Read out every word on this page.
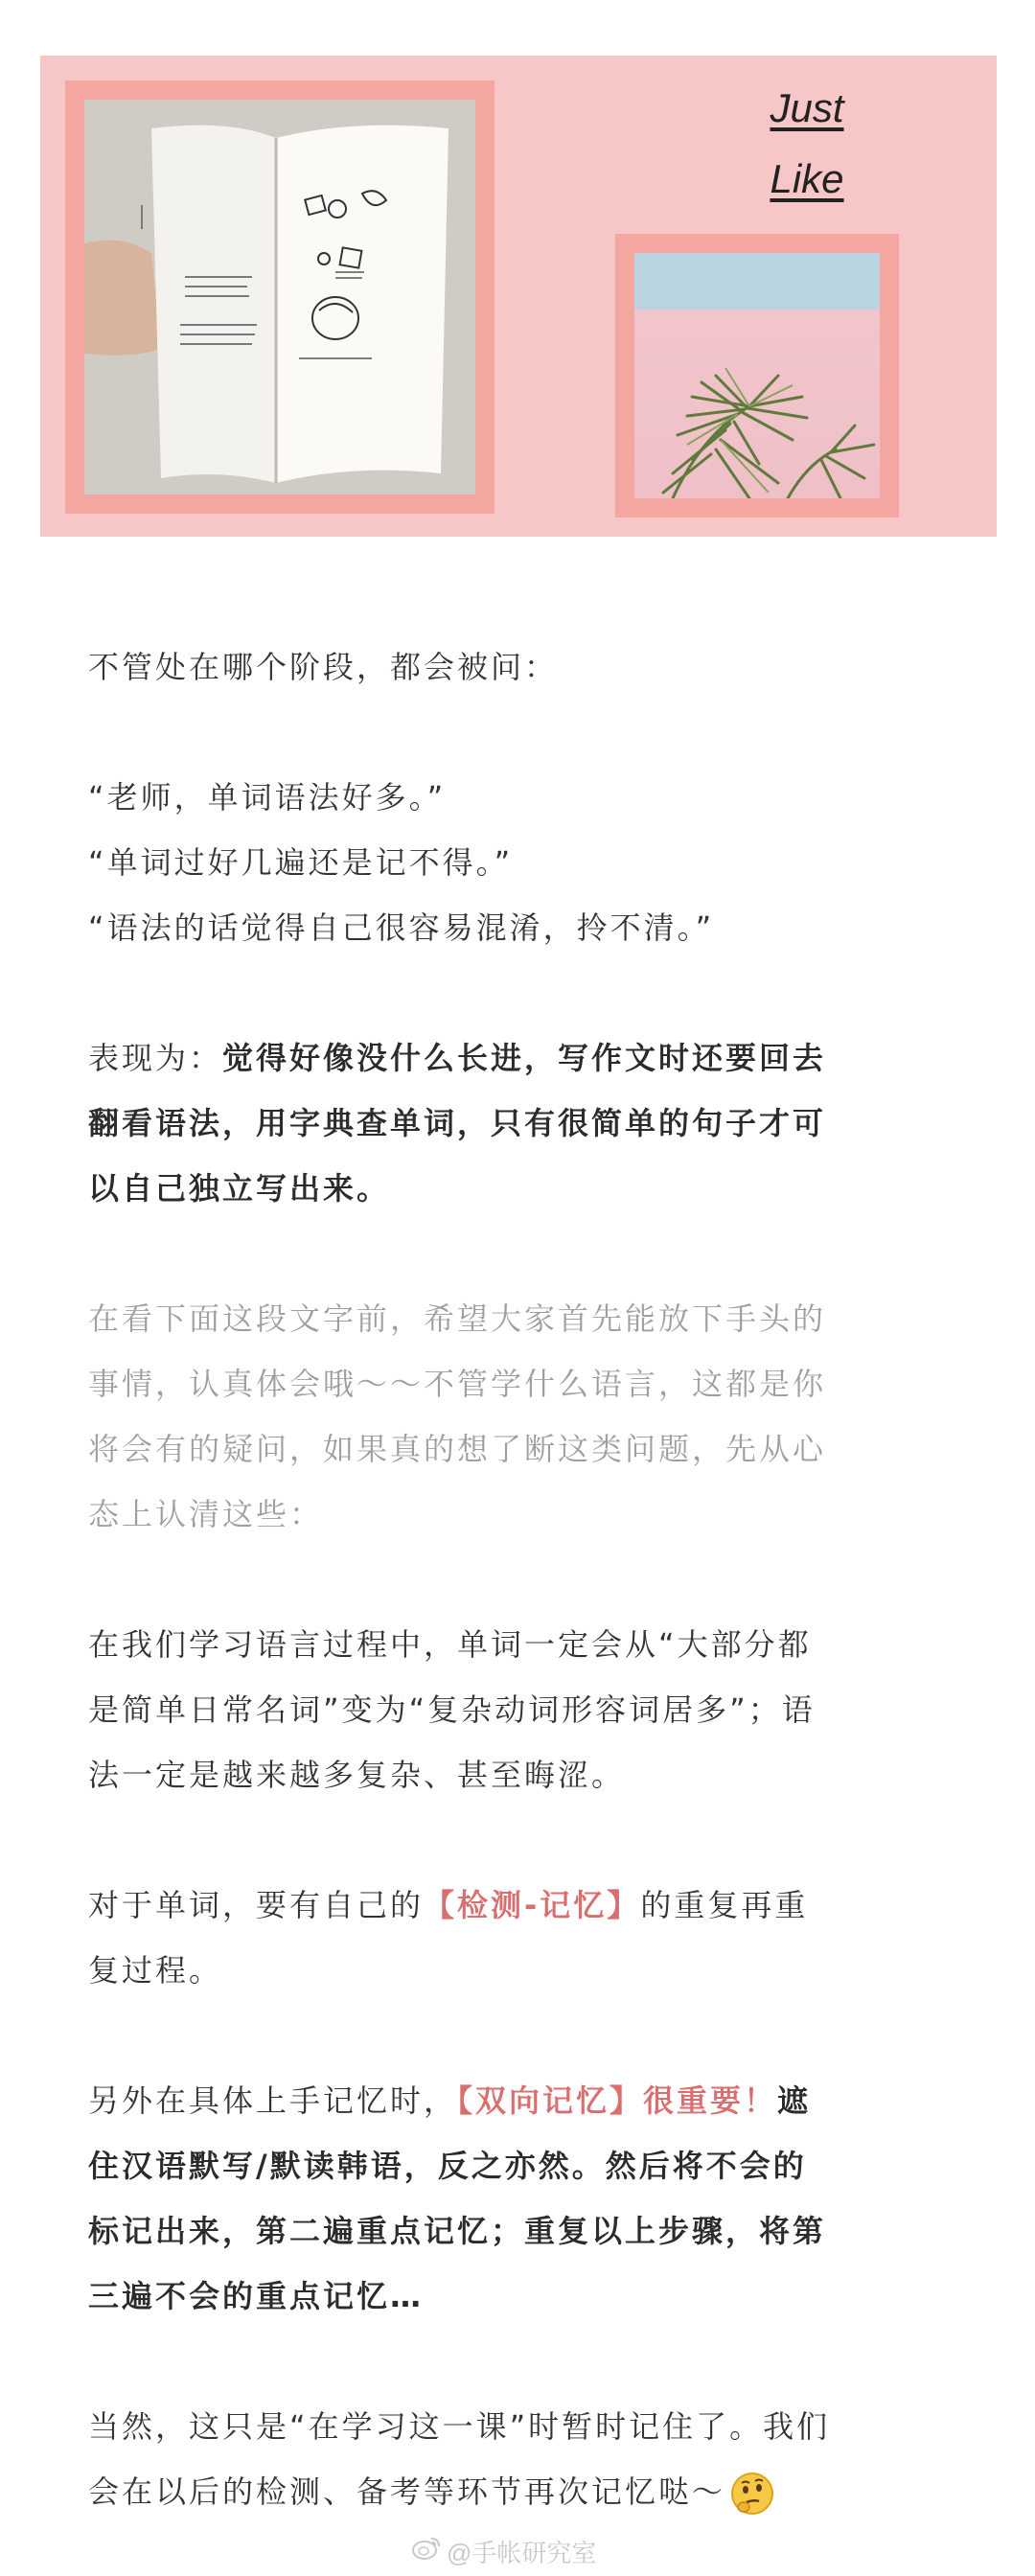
Just
Like

不管处在哪个阶段，都会被问：

“老师，单词语法好多。”

“单词过好几遍还是记不得。”

“语法的话觉得自己很容易混淆，拎不清。”

表现为：觉得好像没什么长进，写作文时还要回去

翻看语法，用字典查单词，只有很简单的句子才可

以自己独立写出来。

在看下面这段文字前，希望大家首先能放下手头的

事情，认真体会哦～～不管学什么语言，这都是你

将会有的疑问，如果真的想了断这类问题，先从心

态上认清这些：

在我们学习语言过程中，单词一定会从“大部分都

是简单日常名词”变为“复杂动词形容词居多”；语

法一定是越来越多复杂、甚至晦涩。

对于单词，要有自己的【检测-记忆】的重复再重

复过程。

另外在具体上手记忆时，【双向记忆】很重要！遮

住汉语默写/默读韩语，反之亦然。然后将不会的

标记出来，第二遍重点记忆；重复以上步骤，将第

三遍不会的重点记忆…

当然，这只是“在学习这一课”时暂时记住了。我们

会在以后的检测、备考等环节再次记忆哒～

@手帐研究室
